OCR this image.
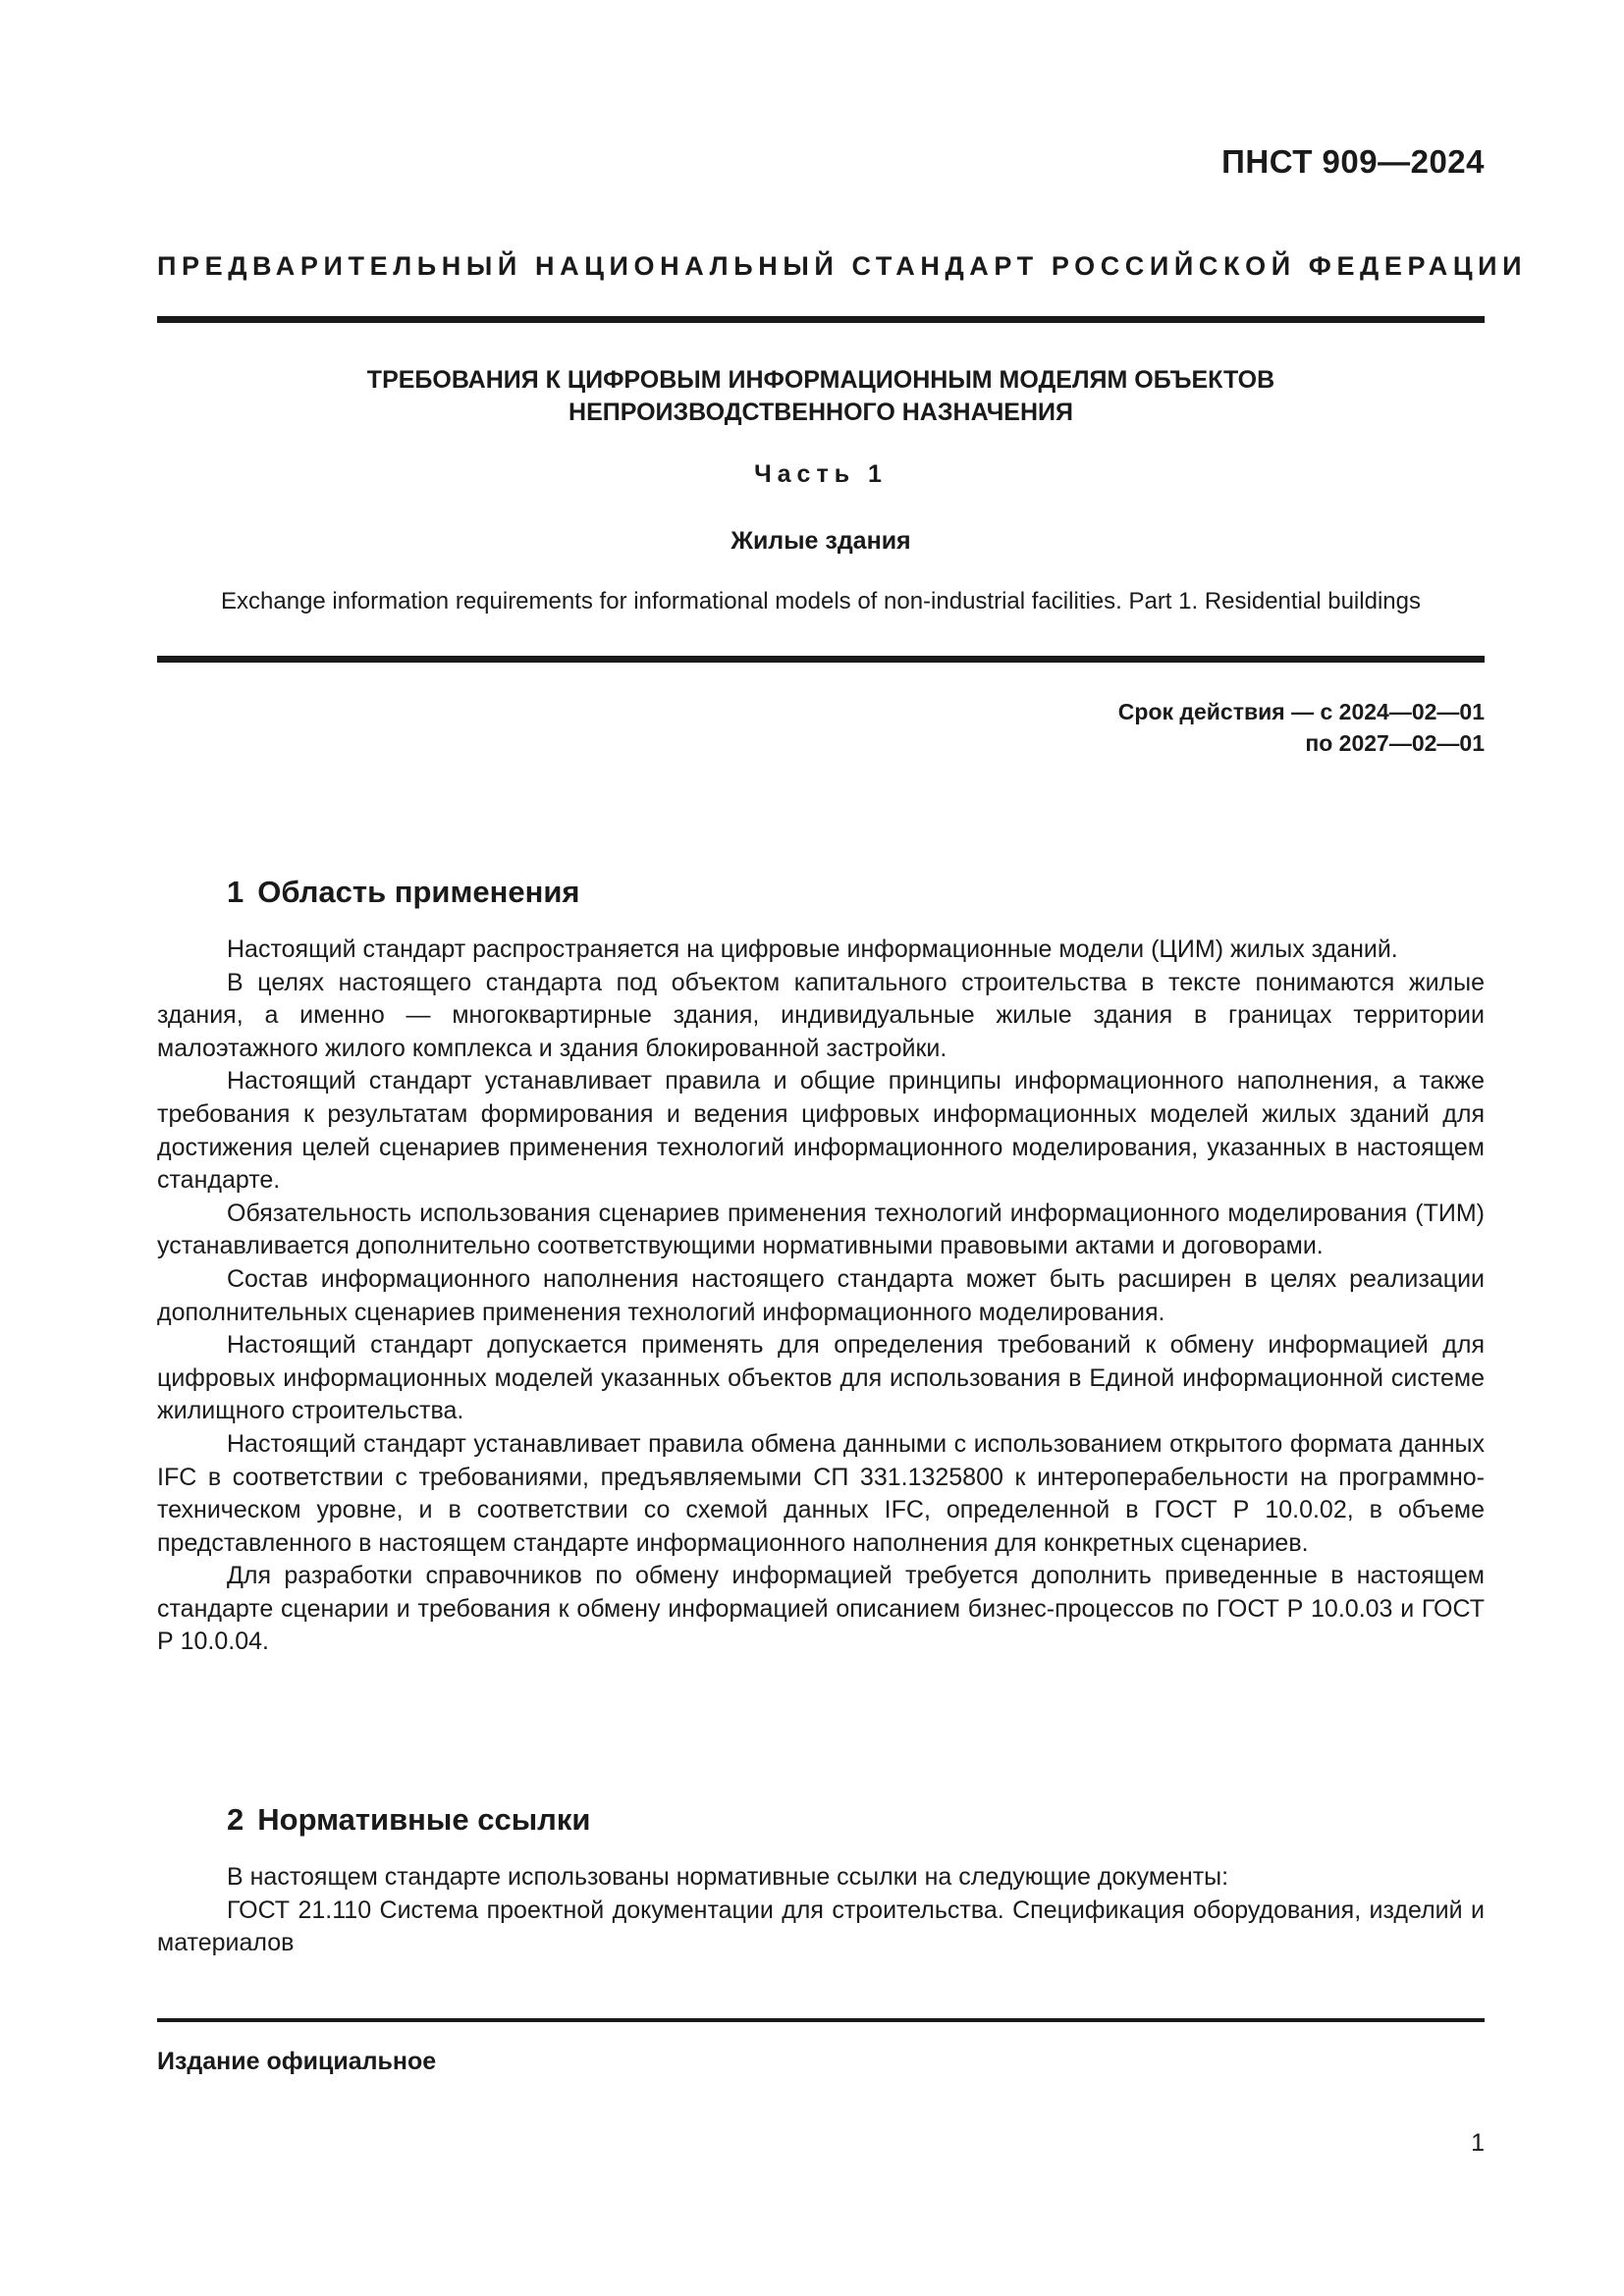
ПНСТ 909—2024
ПРЕДВАРИТЕЛЬНЫЙ НАЦИОНАЛЬНЫЙ СТАНДАРТ РОССИЙСКОЙ ФЕДЕРАЦИИ
ТРЕБОВАНИЯ К ЦИФРОВЫМ ИНФОРМАЦИОННЫМ МОДЕЛЯМ ОБЪЕКТОВ
НЕПРОИЗВОДСТВЕННОГО НАЗНАЧЕНИЯ
Часть 1
Жилые здания
Exchange information requirements for informational models of non-industrial facilities. Part 1. Residential buildings
Срок действия — с 2024—02—01
по 2027—02—01
1 Область применения

Настоящий стандарт распространяется на цифровые информационные модели (ЦИМ) жилых зданий.

В целях настоящего стандарта под объектом капитального строительства в тексте понимаются жилые здания, а именно — многоквартирные здания, индивидуальные жилые здания в границах территории малоэтажного жилого комплекса и здания блокированной застройки.

Настоящий стандарт устанавливает правила и общие принципы информационного наполнения, а также требования к результатам формирования и ведения цифровых информационных моделей жилых зданий для достижения целей сценариев применения технологий информационного моделирования, указанных в настоящем стандарте.

Обязательность использования сценариев применения технологий информационного моделирования (ТИМ) устанавливается дополнительно соответствующими нормативными правовыми актами и договорами.

Состав информационного наполнения настоящего стандарта может быть расширен в целях реализации дополнительных сценариев применения технологий информационного моделирования.

Настоящий стандарт допускается применять для определения требований к обмену информацией для цифровых информационных моделей указанных объектов для использования в Единой информационной системе жилищного строительства.

Настоящий стандарт устанавливает правила обмена данными с использованием открытого формата данных IFC в соответствии с требованиями, предъявляемыми СП 331.1325800 к интероперабельности на программно-техническом уровне, и в соответствии со схемой данных IFC, определенной в ГОСТ Р 10.0.02, в объеме представленного в настоящем стандарте информационного наполнения для конкретных сценариев.

Для разработки справочников по обмену информацией требуется дополнить приведенные в настоящем стандарте сценарии и требования к обмену информацией описанием бизнес-процессов по ГОСТ Р 10.0.03 и ГОСТ Р 10.0.04.

2 Нормативные ссылки

В настоящем стандарте использованы нормативные ссылки на следующие документы:

ГОСТ 21.110 Система проектной документации для строительства. Спецификация оборудования, изделий и материалов

Издание официальное
1
